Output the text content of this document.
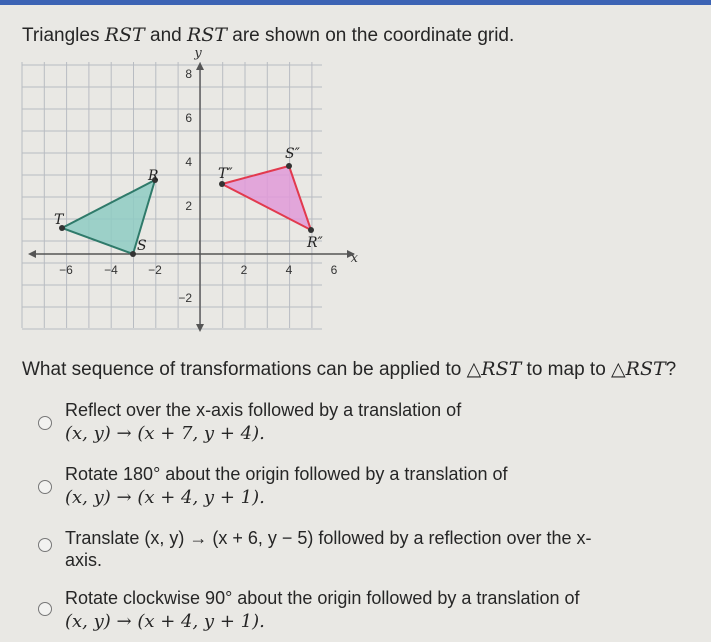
Triangles RST and RST are shown on the coordinate grid.
x
y
−6	−4	−2	2	4	6
8
6
4
2
−2
R
S
T
T″
S″
R″
What sequence of transformations can be applied to △RST to map to △RST?
Reflect over the x-axis followed by a translation of
(x, y) → (x + 7, y + 4).
Rotate 180° about the origin followed by a translation of
(x, y) → (x + 4, y + 1).
Translate (x, y) → (x + 6, y − 5) followed by a reflection over the x-
axis.
Rotate clockwise 90° about the origin followed by a translation of
(x, y) → (x + 4, y + 1).
